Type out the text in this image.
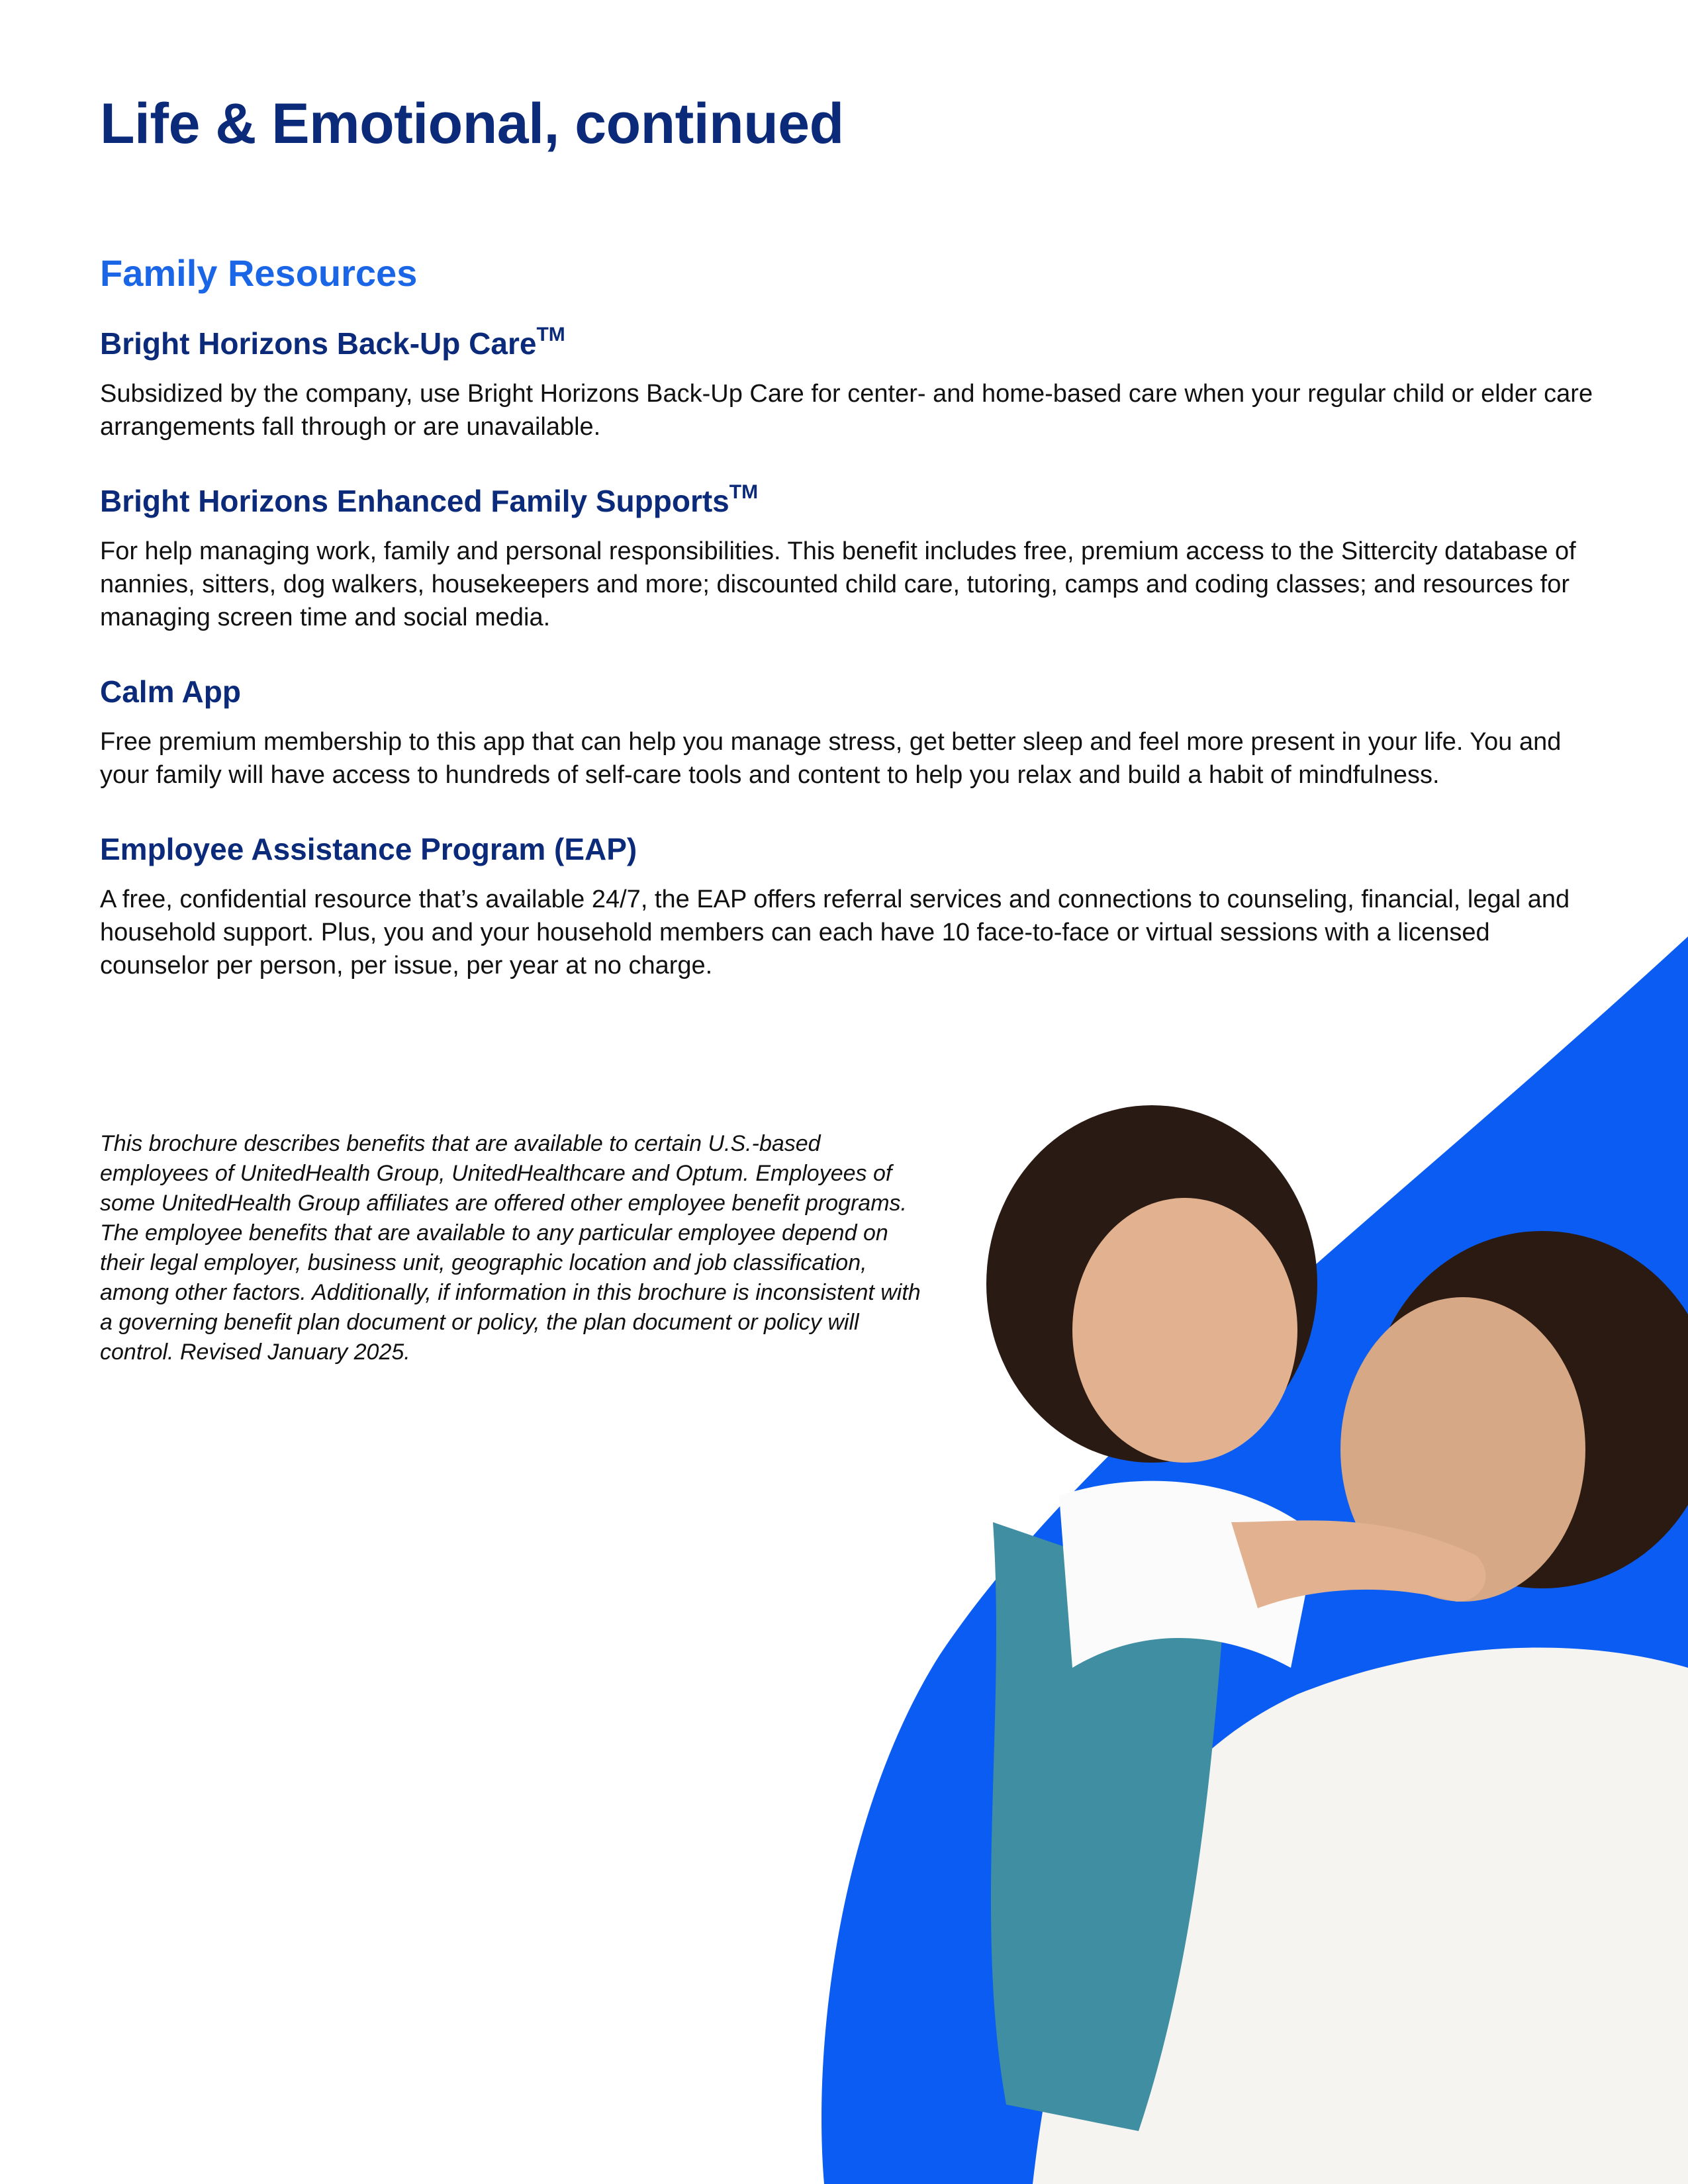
Life & Emotional, continued
Family Resources
Bright Horizons Back-Up Care™

Subsidized by the company, use Bright Horizons Back-Up Care for center- and home-based care when your regular child or elder care arrangements fall through or are unavailable.

Bright Horizons Enhanced Family Supports™

For help managing work, family and personal responsibilities. This benefit includes free, premium access to the Sittercity database of nannies, sitters, dog walkers, housekeepers and more; discounted child care, tutoring, camps and coding classes; and resources for managing screen time and social media.

Calm App

Free premium membership to this app that can help you manage stress, get better sleep and feel more present in your life. You and your family will have access to hundreds of self-care tools and content to help you relax and build a habit of mindfulness.

Employee Assistance Program (EAP)

A free, confidential resource that’s available 24/7, the EAP offers referral services and connections to counseling, financial, legal and household support. Plus, you and your household members can each have 10 face-to-face or virtual sessions with a licensed counselor per person, per issue, per year at no charge.

This brochure describes benefits that are available to certain U.S.-based employees of UnitedHealth Group, UnitedHealthcare and Optum. Employees of some UnitedHealth Group affiliates are offered other employee benefit programs. The employee benefits that are available to any particular employee depend on their legal employer, business unit, geographic location and job classification, among other factors. Additionally, if information in this brochure is inconsistent with a governing benefit plan document or policy, the plan document or policy will control. Revised January 2025.
